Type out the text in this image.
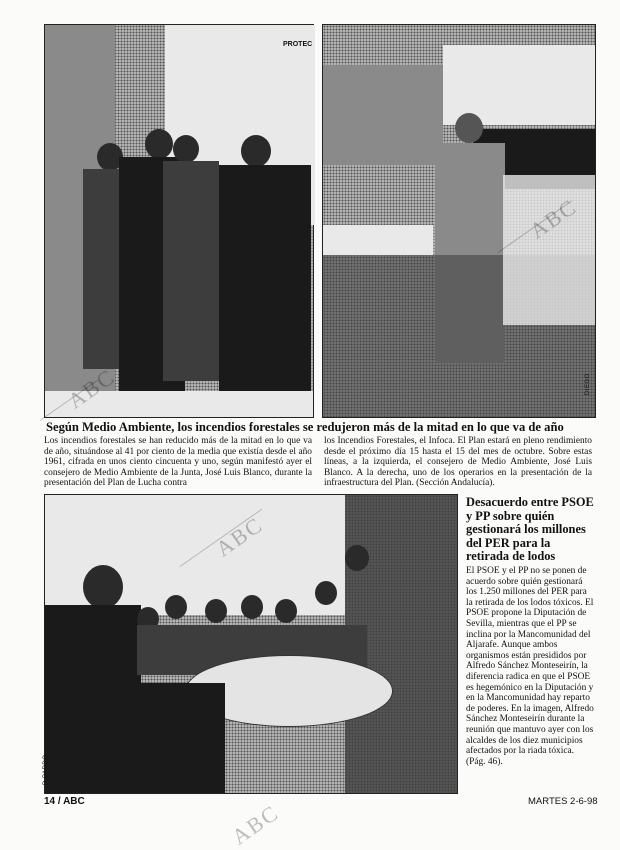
PROTEC
DIEGO
Según Medio Ambiente, los incendios forestales se redujeron más de la mitad en lo que va de año
Los incendios forestales se han reducido más de la mitad en lo que va de año, situándose al 41 por ciento de la media que existía desde el año 1961, cifrada en unos ciento cincuenta y uno, según manifestó ayer el consejero de Medio Ambiente de la Junta, José Luis Blanco, durante la presentación del Plan de Lucha contra
los Incendios Forestales, el Infoca. El Plan estará en pleno rendimiento desde el próximo día 15 hasta el 15 del mes de octubre. Sobre estas líneas, a la izquierda, el consejero de Medio Ambiente, José Luis Blanco. A la derecha, uno de los operarios en la presentación de la infraestructura del Plan. (Sección Andalucía).
D.PARDO
Desacuerdo entre PSOE y PP sobre quién gestionará los millones del PER para la retirada de lodos
El PSOE y el PP no se ponen de acuerdo sobre quién gestionará los 1.250 millones del PER para la retirada de los lodos tóxicos. El PSOE propone la Diputación de Sevilla, mientras que el PP se inclina por la Mancomunidad del Aljarafe. Aunque ambos organismos están presididos por Alfredo Sánchez Monteseirín, la diferencia radica en que el PSOE es hegemónico en la Diputación y en la Mancomunidad hay reparto de poderes. En la imagen, Alfredo Sánchez Monteseirín durante la reunión que mantuvo ayer con los alcaldes de los diez municipios afectados por la riada tóxica. (Pág. 46).
ABC
ABC
ABC
ABC
14 / ABC	MARTES 2-6-98
